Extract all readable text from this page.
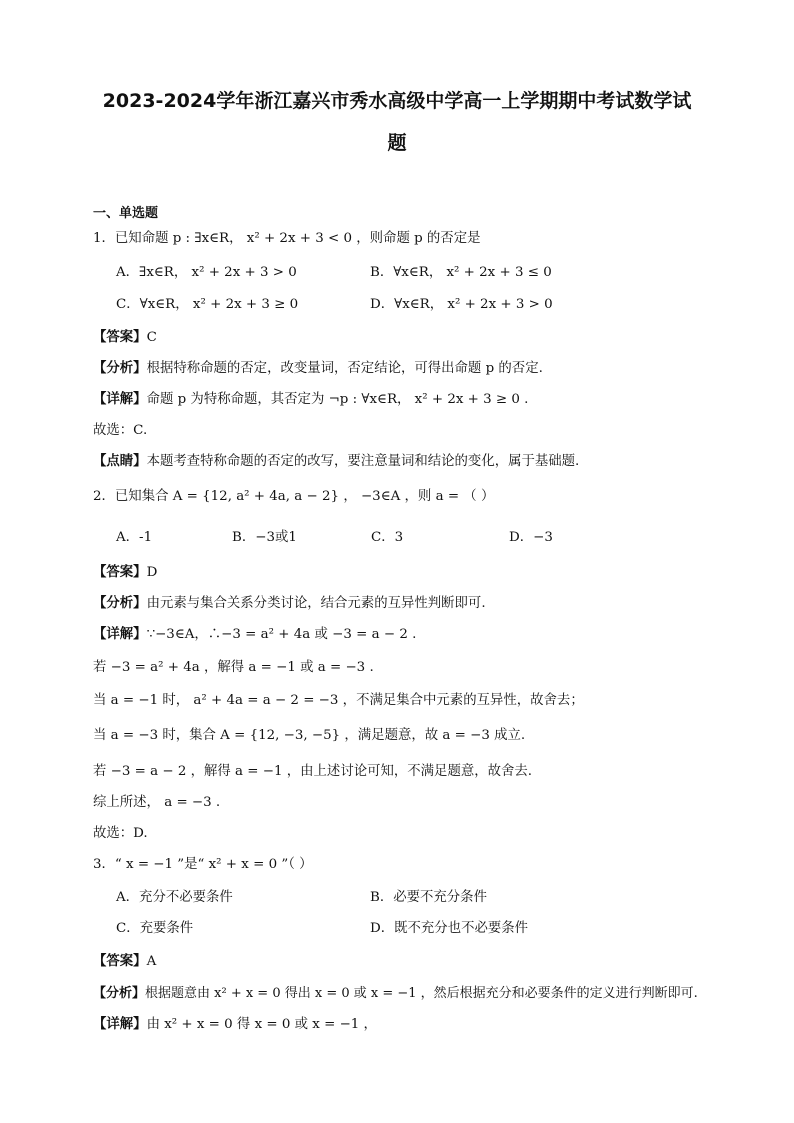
2023-2024学年浙江嘉兴市秀水高级中学高一上学期期中考试数学试
题
一、单选题
1．已知命题 p : ∃x∈R， x² + 2x + 3 < 0 ，则命题 p 的否定是
A．∃x∈R， x² + 2x + 3 > 0	B．∀x∈R， x² + 2x + 3 ≤ 0
C．∀x∈R， x² + 2x + 3 ≥ 0	D．∀x∈R， x² + 2x + 3 > 0
【答案】C
【分析】根据特称命题的否定，改变量词，否定结论，可得出命题 p 的否定.
【详解】命题 p 为特称命题，其否定为 ¬p : ∀x∈R， x² + 2x + 3 ≥ 0 .
故选：C.
【点睛】本题考查特称命题的否定的改写，要注意量词和结论的变化，属于基础题.
2．已知集合 A = {12, a² + 4a, a − 2} ， −3∈A ，则 a = （ ）
A．-1	B．−3或1	C．3	D．−3
【答案】D
【分析】由元素与集合关系分类讨论，结合元素的互异性判断即可.
【详解】∵−3∈A，∴−3 = a² + 4a 或 −3 = a − 2 .
若 −3 = a² + 4a ，解得 a = −1 或 a = −3 .
当 a = −1 时， a² + 4a = a − 2 = −3 ，不满足集合中元素的互异性，故舍去；
当 a = −3 时，集合 A = {12, −3, −5} ，满足题意，故 a = −3 成立.
若 −3 = a − 2 ，解得 a = −1 ，由上述讨论可知，不满足题意，故舍去.
综上所述， a = −3 .
故选：D.
3．“ x = −1 ”是“ x² + x = 0 ”（ ）
A．充分不必要条件	B．必要不充分条件
C．充要条件	D．既不充分也不必要条件
【答案】A
【分析】根据题意由 x² + x = 0 得出 x = 0 或 x = −1 ，然后根据充分和必要条件的定义进行判断即可.
【详解】由 x² + x = 0 得 x = 0 或 x = −1 ，
